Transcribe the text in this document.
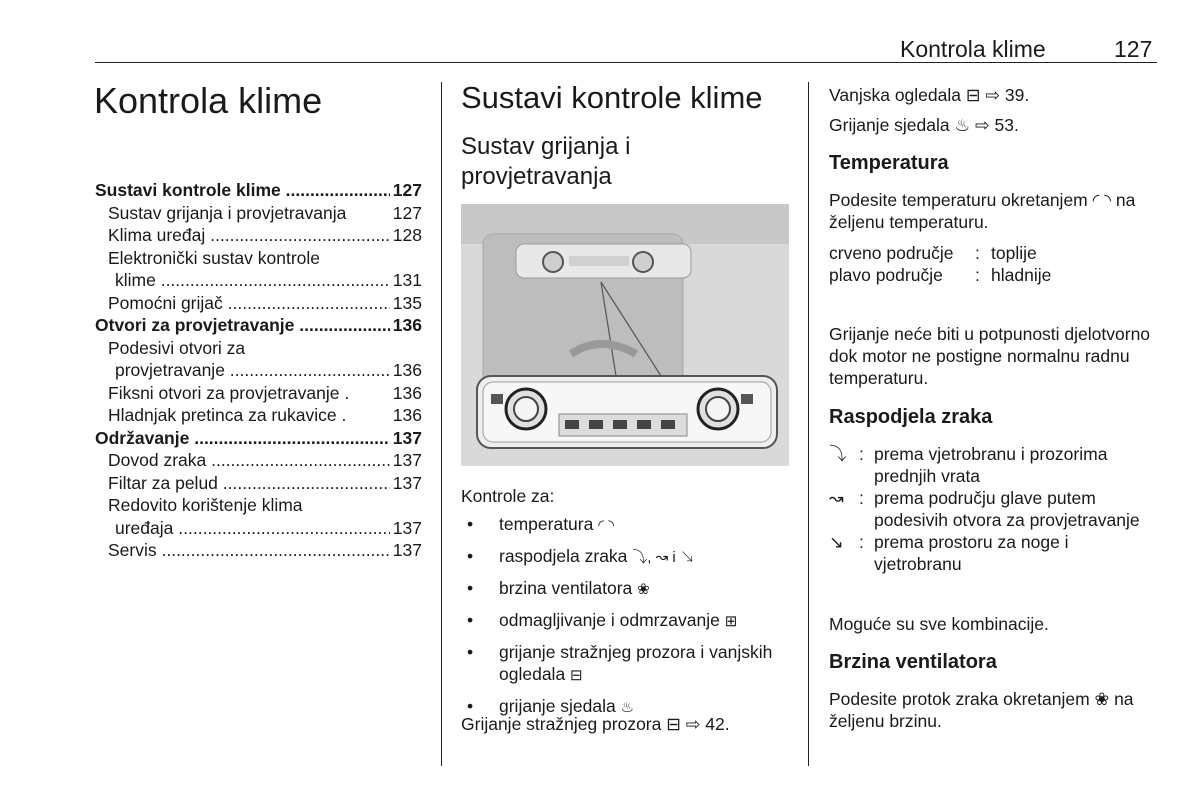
Kontrola klime	127
Kontrola klime
Sustavi kontrole klime .....	127
Sustav grijanja i provjetravanja	127
Klima uređaj .....	128
Elektronički sustav kontrole
klime .....	131
Pomoćni grijač .....	135
Otvori za provjetravanje .....	136
Podesivi otvori za
provjetravanje .....	136
Fiksni otvori za provjetravanje .	136
Hladnjak pretinca za rukavice .	136
Održavanje .....	137
Dovod zraka .....	137
Filtar za pelud .....	137
Redovito korištenje klima
uređaja .....	137
Servis .....	137
Sustavi kontrole klime
Sustav grijanja i provjetravanja
Kontrole za:
• temperatura ◜ ◝
• raspodjela zraka ⤵, ↝ i ↘
• brzina ventilatora ❀
• odmagljivanje i odmrzavanje ⊞
• grijanje stražnjeg prozora i vanjskih ogledala ⊟
• grijanje sjedala ♨
Grijanje stražnjeg prozora ⊟ ⇨ 42.
Vanjska ogledala ⊟ ⇨ 39.
Grijanje sjedala ♨ ⇨ 53.
Temperatura
Podesite temperaturu okretanjem ◜ ◝ na željenu temperaturu.
crveno područje	: toplije
plavo područje	: hladnije
Grijanje neće biti u potpunosti djelotvorno dok motor ne postigne normalnu radnu temperaturu.
Raspodjela zraka
⤵ : prema vjetrobranu i prozorima prednjih vrata
↝ : prema području glave putem podesivih otvora za provjetravanje
↘ : prema prostoru za noge i vjetrobranu
Moguće su sve kombinacije.
Brzina ventilatora
Podesite protok zraka okretanjem ❀ na željenu brzinu.
